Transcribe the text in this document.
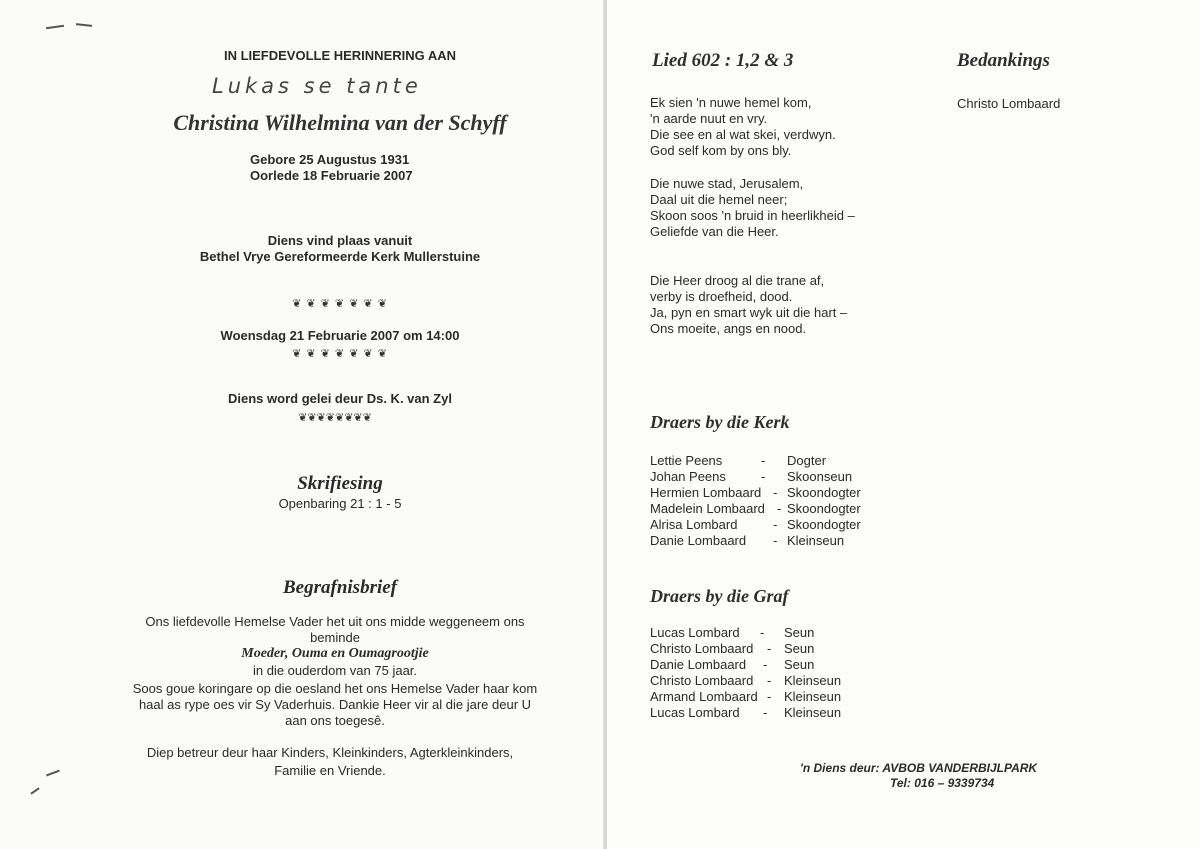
IN LIEFDEVOLLE HERINNERING AAN
Lukas se tante
Christina Wilhelmina van der Schyff
Gebore 25 Augustus 1931
Oorlede 18 Februarie 2007
Diens vind plaas vanuit
Bethel Vrye Gereformeerde Kerk Mullerstuine
❦ ❦ ❦ ❦ ❦ ❦ ❦
Woensdag 21 Februarie 2007 om 14:00
❦ ❦ ❦ ❦ ❦ ❦ ❦
Diens word gelei deur Ds. K. van Zyl
❦❦❦❦❦❦❦❦
Skrifiesing
Openbaring 21 : 1 - 5
Begrafnisbrief
Ons liefdevolle Hemelse Vader het uit ons midde weggeneem ons
beminde
Moeder, Ouma en Oumagrootjie
in die ouderdom van 75 jaar.
Soos goue koringare op die oesland het ons Hemelse Vader haar kom
haal as rype oes vir Sy Vaderhuis. Dankie Heer vir al die jare deur U
aan ons toegesê.
Diep betreur deur haar Kinders, Kleinkinders, Agterkleinkinders,
Familie en Vriende.
Lied 602 : 1,2 & 3
Ek sien 'n nuwe hemel kom,
'n aarde nuut en vry.
Die see en al wat skei, verdwyn.
God self kom by ons bly.
Die nuwe stad, Jerusalem,
Daal uit die hemel neer;
Skoon soos 'n bruid in heerlikheid –
Geliefde van die Heer.
Die Heer droog al die trane af,
verby is droefheid, dood.
Ja, pyn en smart wyk uit die hart –
Ons moeite, angs en nood.
Bedankings
Christo Lombaard
Draers by die Kerk
Lettie Peens	- Dogter
Johan Peens	- Skoonseun
Hermien Lombaard - Skoondogter
Madelein Lombaard - Skoondogter
Alrisa Lombard	- Skoondogter
Danie Lombaard - Kleinseun
Draers by die Graf
Lucas Lombard - Seun
Christo Lombaard - Seun
Danie Lombaard - Seun
Christo Lombaard - Kleinseun
Armand Lombaard - Kleinseun
Lucas Lombard - Kleinseun
'n Diens deur: AVBOB VANDERBIJLPARK
Tel: 016 – 9339734
